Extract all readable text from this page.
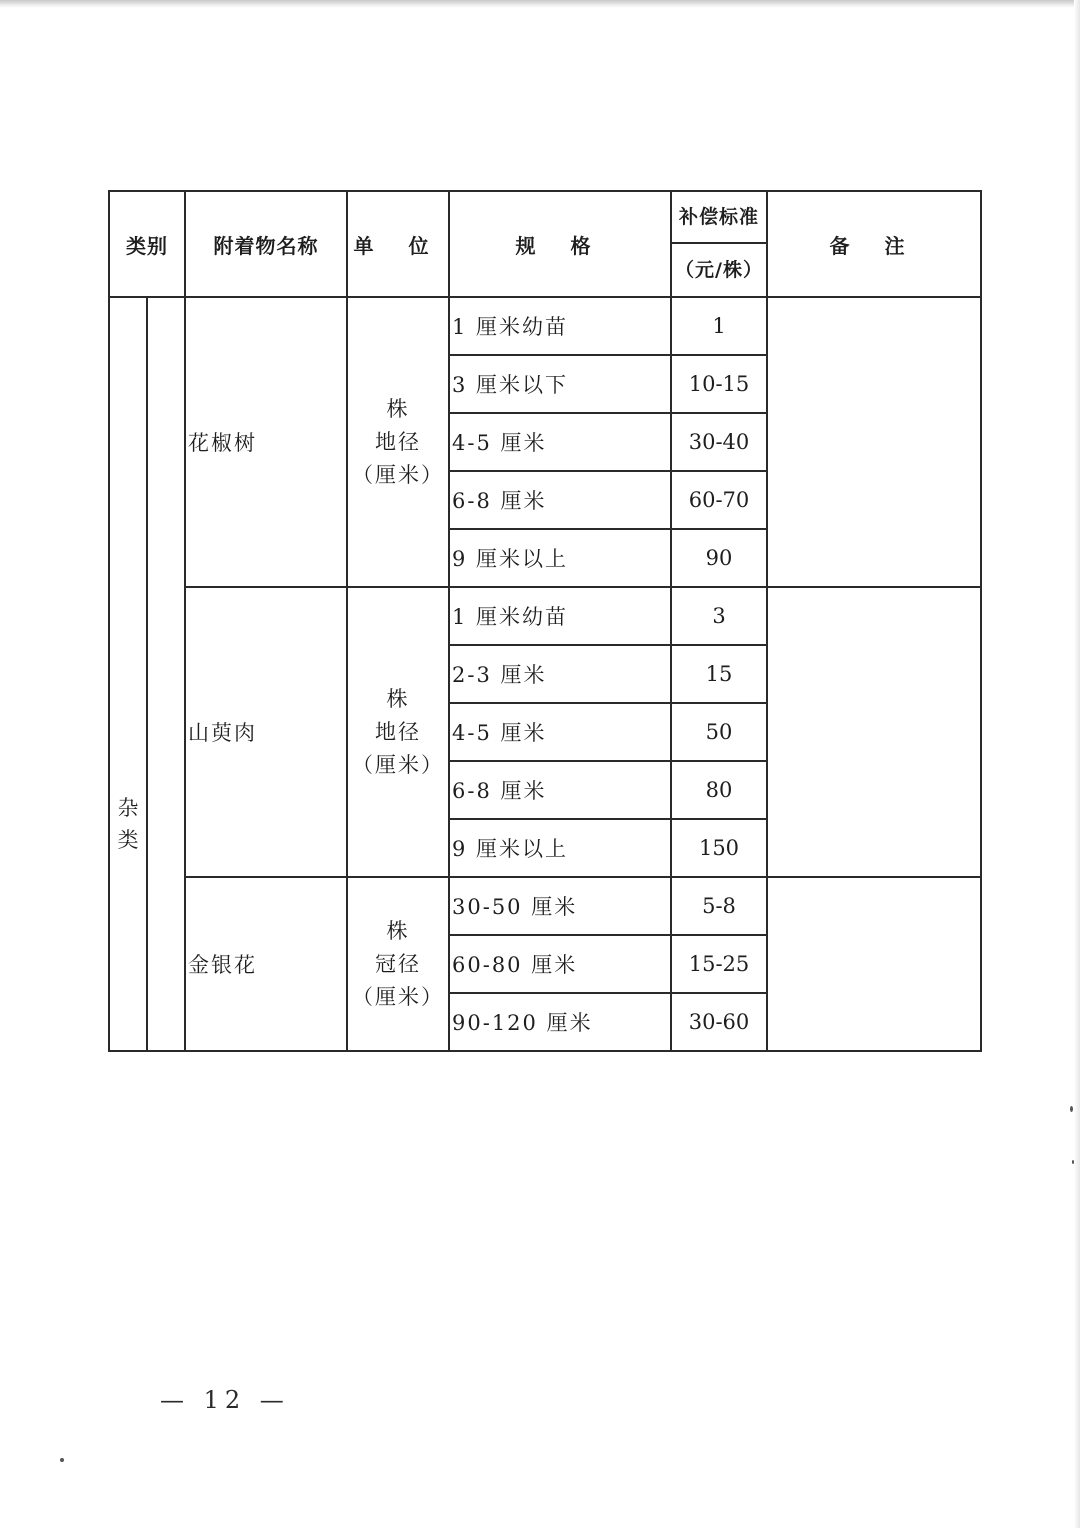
类别		附着物名称	单 位	规 格	补偿标准
（元/株）	备 注
杂类		花椒树	株
地径
（厘米）	1 厘米幼苗	1	
				3 厘米以下	10-15	
				4-5 厘米	30-40	
				6-8 厘米	60-70	
				9 厘米以上	90	
		山萸肉	株
地径
（厘米）	1 厘米幼苗	3	
				2-3 厘米	15	
				4-5 厘米	50	
				6-8 厘米	80	
				9 厘米以上	150	
		金银花	株
冠径
（厘米）	30-50 厘米	5-8	
				60-80 厘米	15-25	
				90-120 厘米	30-60	
— 12 —
